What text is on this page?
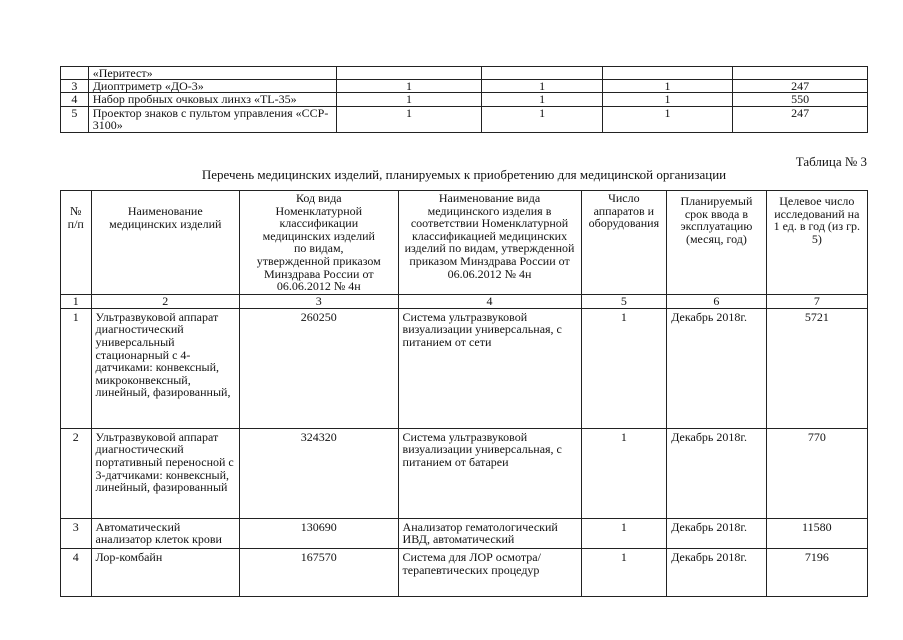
	«Перитест»				
3	Диоптриметр «ДО-3»	1	1	1	247
4	Набор пробных очковых линхз «TL-35»	1	1	1	550
5	Проектор знаков с пультом управления «CCP-3100»	1	1	1	247
Таблица № 3
Перечень медицинских изделий, планируемых к приобретению для медицинской организации
№ п/п	Наименование медицинских изделий	Код вида Номенклатурной классификации медицинских изделий по видам, утвержденной приказом Минздрава России от 06.06.2012 № 4н	Наименование вида медицинского изделия в соответствии Номенклатурной классификацией медицинских изделий по видам, утвержденной приказом Минздрава России от 06.06.2012 № 4н	Число аппаратов и оборудования	Планируемый срок ввода в эксплуатацию (месяц, год)	Целевое число исследований на 1 ед. в год (из гр. 5)
1	2	3	4	5	6	7
1	Ультразвуковой аппарат диагностический универсальный стационарный с 4-датчиками: конвексный, микроконвексный, линейный, фазированный,	260250	Система ультразвуковой визуализации универсальная, с питанием от сети	1	Декабрь 2018г.	5721
2	Ультразвуковой аппарат диагностический портативный переносной с 3-датчиками: конвексный, линейный, фазированный	324320	Система ультразвуковой визуализации универсальная, с питанием от батареи	1	Декабрь 2018г.	770
3	Автоматический анализатор клеток крови	130690	Анализатор гематологический ИВД, автоматический	1	Декабрь 2018г.	11580
4	Лор-комбайн	167570	Система для ЛОР осмотра/терапевтических процедур	1	Декабрь 2018г.	7196
